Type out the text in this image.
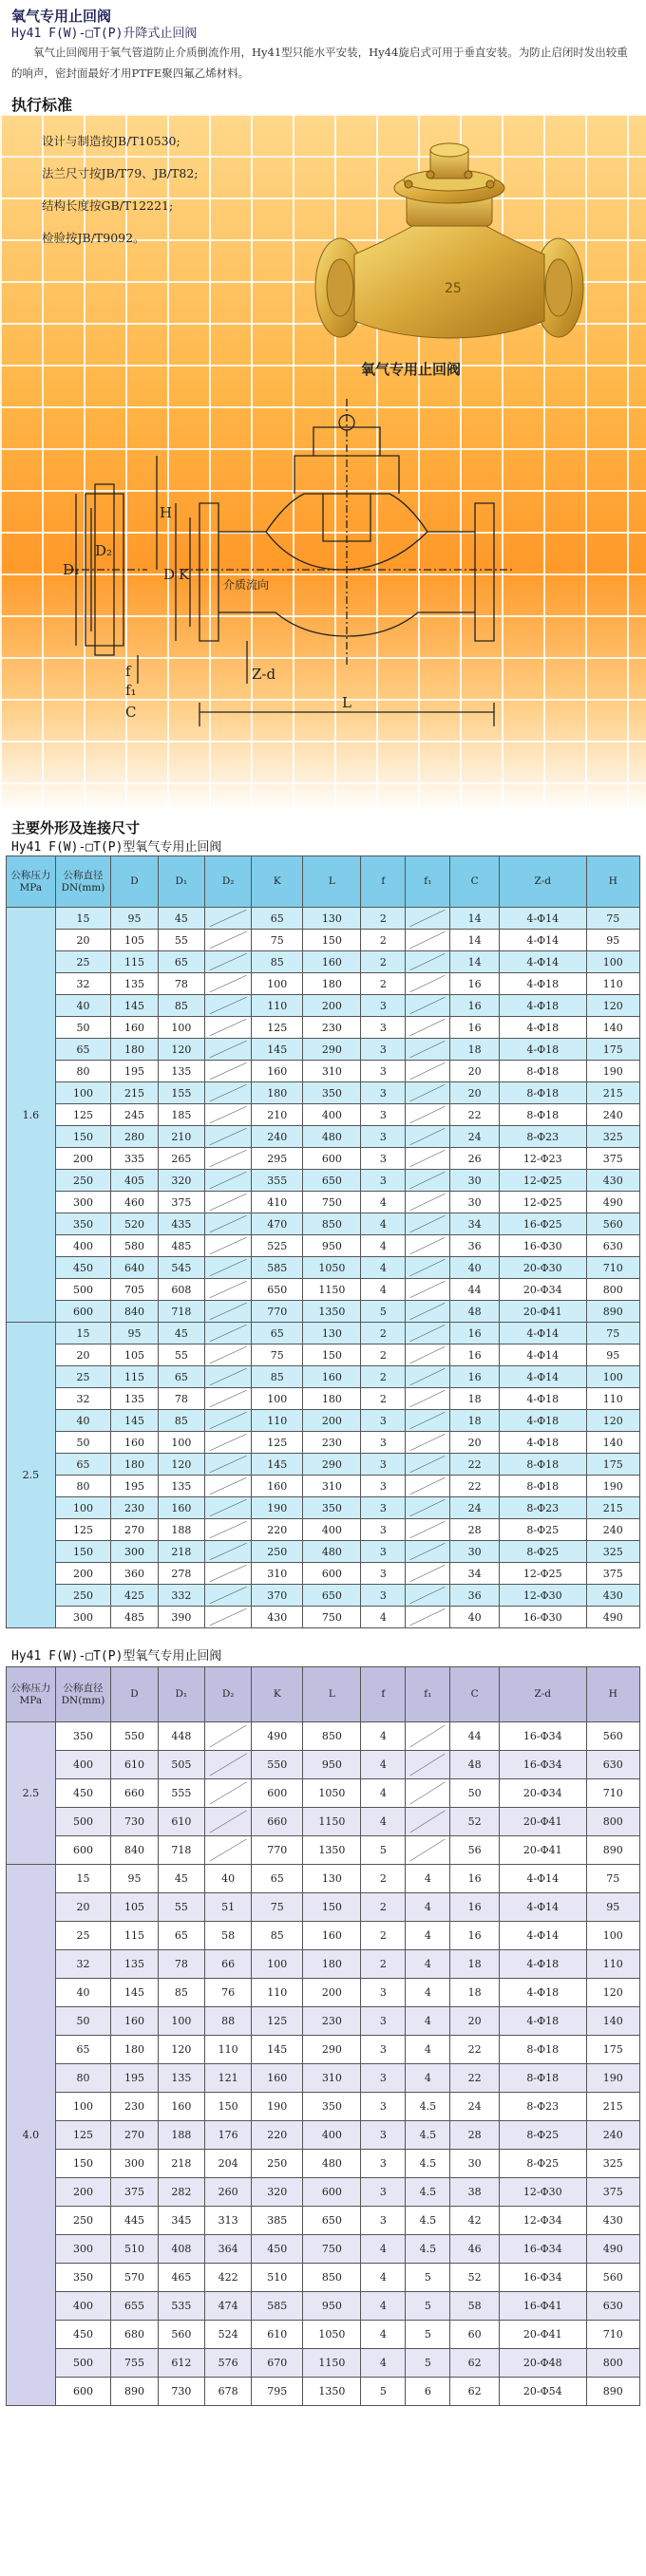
氧气专用止回阀
Hy41 F(W)-□T(P)升降式止回阀
氧气止回阀用于氧气管道防止介质倒流作用，Hy41型只能水平安装，Hy44旋启式可用于垂直安装。为防止启闭时发出较重的响声，密封面最好才用PTFE聚四氟乙烯材料。
执行标准
设计与制造按JB/T10530;
法兰尺寸按JB/T79、JB/T82;
结构长度按GB/T12221;
检验按JB/T9092。
25
氧气专用止回阀
D₁
D₂
H
D K
f
f₁
C
Z-d
L
介质流向
主要外形及连接尺寸
Hy41 F(W)-□T(P)型氧气专用止回阀
公称压力
MPa	公称直径
DN(mm)	D	D₁	D₂	K	L	f	f₁	C	Z-d	H
1.6	15	95	45		65	130	2		14	4-Φ14	75
	20	105	55		75	150	2		14	4-Φ14	95
	25	115	65		85	160	2		14	4-Φ14	100
	32	135	78		100	180	2		16	4-Φ18	110
	40	145	85		110	200	3		16	4-Φ18	120
	50	160	100		125	230	3		16	4-Φ18	140
	65	180	120		145	290	3		18	4-Φ18	175
	80	195	135		160	310	3		20	8-Φ18	190
	100	215	155		180	350	3		20	8-Φ18	215
	125	245	185		210	400	3		22	8-Φ18	240
	150	280	210		240	480	3		24	8-Φ23	325
	200	335	265		295	600	3		26	12-Φ23	375
	250	405	320		355	650	3		30	12-Φ25	430
	300	460	375		410	750	4		30	12-Φ25	490
	350	520	435		470	850	4		34	16-Φ25	560
	400	580	485		525	950	4		36	16-Φ30	630
	450	640	545		585	1050	4		40	20-Φ30	710
	500	705	608		650	1150	4		44	20-Φ34	800
	600	840	718		770	1350	5		48	20-Φ41	890
2.5	15	95	45		65	130	2		16	4-Φ14	75
	20	105	55		75	150	2		16	4-Φ14	95
	25	115	65		85	160	2		16	4-Φ14	100
	32	135	78		100	180	2		18	4-Φ18	110
	40	145	85		110	200	3		18	4-Φ18	120
	50	160	100		125	230	3		20	4-Φ18	140
	65	180	120		145	290	3		22	8-Φ18	175
	80	195	135		160	310	3		22	8-Φ18	190
	100	230	160		190	350	3		24	8-Φ23	215
	125	270	188		220	400	3		28	8-Φ25	240
	150	300	218		250	480	3		30	8-Φ25	325
	200	360	278		310	600	3		34	12-Φ25	375
	250	425	332		370	650	3		36	12-Φ30	430
	300	485	390		430	750	4		40	16-Φ30	490
Hy41 F(W)-□T(P)型氧气专用止回阀
公称压力
MPa	公称直径
DN(mm)	D	D₁	D₂	K	L	f	f₁	C	Z-d	H
2.5	350	550	448		490	850	4		44	16-Φ34	560
	400	610	505		550	950	4		48	16-Φ34	630
	450	660	555		600	1050	4		50	20-Φ34	710
	500	730	610		660	1150	4		52	20-Φ41	800
	600	840	718		770	1350	5		56	20-Φ41	890
4.0	15	95	45	40	65	130	2	4	16	4-Φ14	75
	20	105	55	51	75	150	2	4	16	4-Φ14	95
	25	115	65	58	85	160	2	4	16	4-Φ14	100
	32	135	78	66	100	180	2	4	18	4-Φ18	110
	40	145	85	76	110	200	3	4	18	4-Φ18	120
	50	160	100	88	125	230	3	4	20	4-Φ18	140
	65	180	120	110	145	290	3	4	22	8-Φ18	175
	80	195	135	121	160	310	3	4	22	8-Φ18	190
	100	230	160	150	190	350	3	4.5	24	8-Φ23	215
	125	270	188	176	220	400	3	4.5	28	8-Φ25	240
	150	300	218	204	250	480	3	4.5	30	8-Φ25	325
	200	375	282	260	320	600	3	4.5	38	12-Φ30	375
	250	445	345	313	385	650	3	4.5	42	12-Φ34	430
	300	510	408	364	450	750	4	4.5	46	16-Φ34	490
	350	570	465	422	510	850	4	5	52	16-Φ34	560
	400	655	535	474	585	950	4	5	58	16-Φ41	630
	450	680	560	524	610	1050	4	5	60	20-Φ41	710
	500	755	612	576	670	1150	4	5	62	20-Φ48	800
	600	890	730	678	795	1350	5	6	62	20-Φ54	890
